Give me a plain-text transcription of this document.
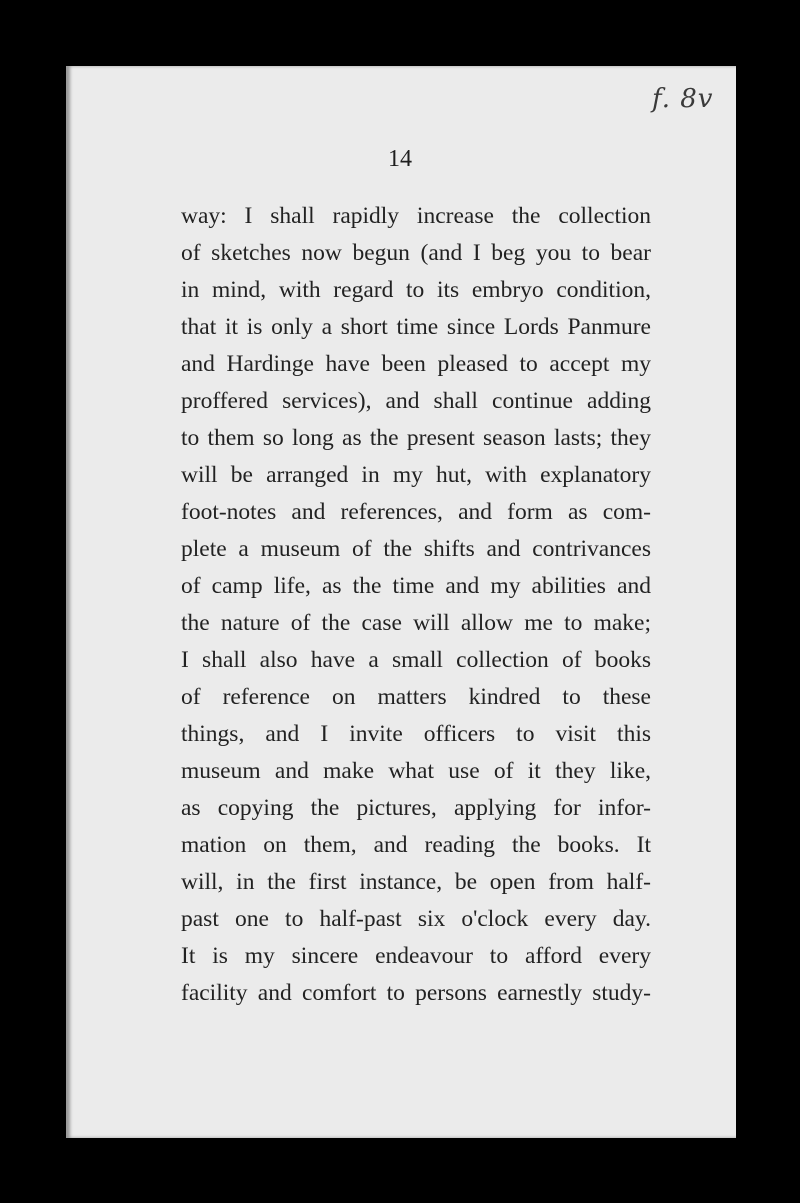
f. 8v
14
way: I shall rapidly increase the collection
of sketches now begun (and I beg you to bear
in mind, with regard to its embryo condition,
that it is only a short time since Lords Panmure
and Hardinge have been pleased to accept my
proffered services), and shall continue adding
to them so long as the present season lasts; they
will be arranged in my hut, with explanatory
foot-notes and references, and form as com-
plete a museum of the shifts and contrivances
of camp life, as the time and my abilities and
the nature of the case will allow me to make;
I shall also have a small collection of books
of reference on matters kindred to these
things, and I invite officers to visit this
museum and make what use of it they like,
as copying the pictures, applying for infor-
mation on them, and reading the books. It
will, in the first instance, be open from half-
past one to half-past six o'clock every day.
It is my sincere endeavour to afford every
facility and comfort to persons earnestly study-
